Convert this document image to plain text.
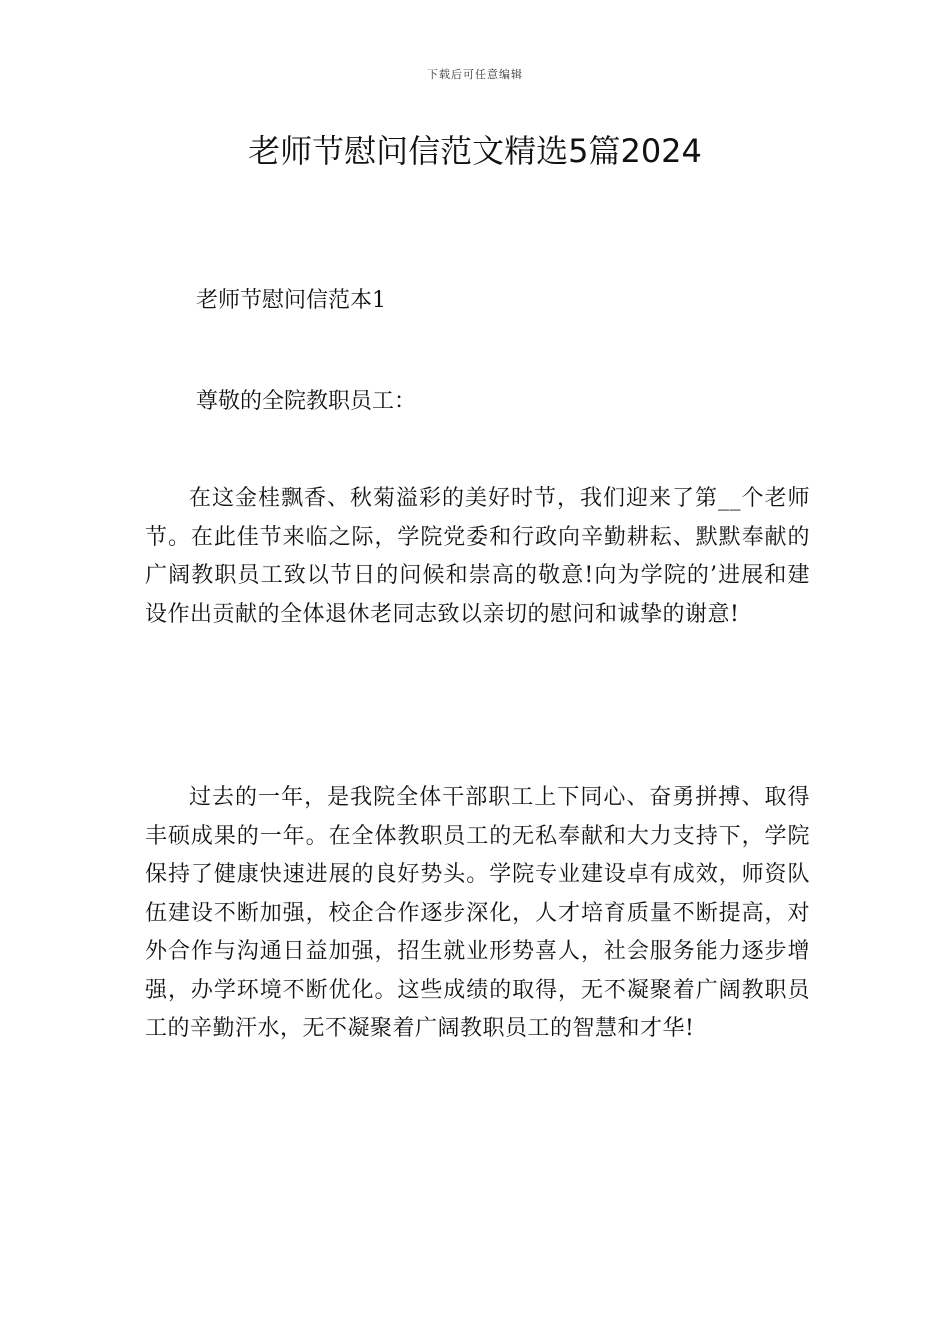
下载后可任意编辑
老师节慰问信范文精选5篇2024
老师节慰问信范本1

尊敬的全院教职员工：

在这金桂飘香、秋菊溢彩的美好时节，我们迎来了第__个老师节。在此佳节来临之际，学院党委和行政向辛勤耕耘、默默奉献的广阔教职员工致以节日的问候和崇高的敬意!向为学院的’进展和建设作出贡献的全体退休老同志致以亲切的慰问和诚挚的谢意!

过去的一年，是我院全体干部职工上下同心、奋勇拼搏、取得丰硕成果的一年。在全体教职员工的无私奉献和大力支持下，学院保持了健康快速进展的良好势头。学院专业建设卓有成效，师资队伍建设不断加强，校企合作逐步深化，人才培育质量不断提高，对外合作与沟通日益加强，招生就业形势喜人，社会服务能力逐步增强，办学环境不断优化。这些成绩的取得，无不凝聚着广阔教职员工的辛勤汗水，无不凝聚着广阔教职员工的智慧和才华!
